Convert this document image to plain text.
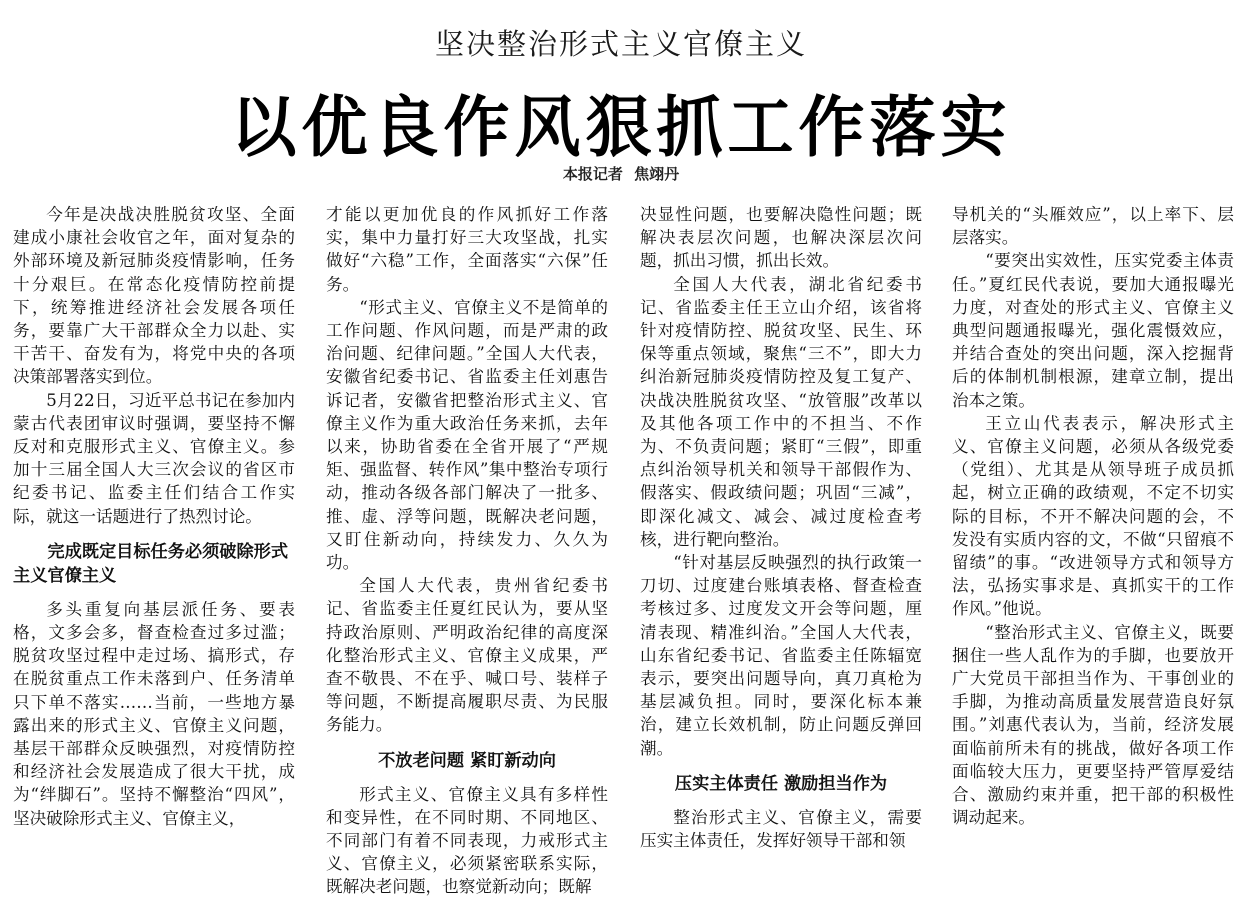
坚决整治形式主义官僚主义
以优良作风狠抓工作落实
本报记者 焦翊丹

今年是决战决胜脱贫攻坚、全面建成小康社会收官之年，面对复杂的外部环境及新冠肺炎疫情影响，任务十分艰巨。在常态化疫情防控前提下，统筹推进经济社会发展各项任务，要靠广大干部群众全力以赴、实干苦干、奋发有为，将党中央的各项决策部署落实到位。

5月22日，习近平总书记在参加内蒙古代表团审议时强调，要坚持不懈反对和克服形式主义、官僚主义。参加十三届全国人大三次会议的省区市纪委书记、监委主任们结合工作实际，就这一话题进行了热烈讨论。

完成既定目标任务必须破除形式主义官僚主义

多头重复向基层派任务、要表格，文多会多，督查检查过多过滥；脱贫攻坚过程中走过场、搞形式，存在脱贫重点工作未落到户、任务清单只下单不落实……当前，一些地方暴露出来的形式主义、官僚主义问题，基层干部群众反映强烈，对疫情防控和经济社会发展造成了很大干扰，成为“绊脚石”。坚持不懈整治“四风”，坚决破除形式主义、官僚主义，

才能以更加优良的作风抓好工作落实，集中力量打好三大攻坚战，扎实做好“六稳”工作，全面落实“六保”任务。

“形式主义、官僚主义不是简单的工作问题、作风问题，而是严肃的政治问题、纪律问题。”全国人大代表，安徽省纪委书记、省监委主任刘惠告诉记者，安徽省把整治形式主义、官僚主义作为重大政治任务来抓，去年以来，协助省委在全省开展了“严规矩、强监督、转作风”集中整治专项行动，推动各级各部门解决了一批多、推、虚、浮等问题，既解决老问题，又盯住新动向，持续发力、久久为功。

全国人大代表，贵州省纪委书记、省监委主任夏红民认为，要从坚持政治原则、严明政治纪律的高度深化整治形式主义、官僚主义成果，严查不敬畏、不在乎、喊口号、装样子等问题，不断提高履职尽责、为民服务能力。

不放老问题 紧盯新动向

形式主义、官僚主义具有多样性和变异性，在不同时期、不同地区、不同部门有着不同表现，力戒形式主义、官僚主义，必须紧密联系实际，既解决老问题，也察觉新动向；既解

决显性问题，也要解决隐性问题；既解决表层次问题，也解决深层次问题，抓出习惯，抓出长效。

全国人大代表，湖北省纪委书记、省监委主任王立山介绍，该省将针对疫情防控、脱贫攻坚、民生、环保等重点领域，聚焦“三不”，即大力纠治新冠肺炎疫情防控及复工复产、决战决胜脱贫攻坚、“放管服”改革以及其他各项工作中的不担当、不作为、不负责问题；紧盯“三假”，即重点纠治领导机关和领导干部假作为、假落实、假政绩问题；巩固“三减”，即深化减文、减会、减过度检查考核，进行靶向整治。

“针对基层反映强烈的执行政策一刀切、过度建台账填表格、督查检查考核过多、过度发文开会等问题，厘清表现、精准纠治。”全国人大代表，山东省纪委书记、省监委主任陈辐宽表示，要突出问题导向，真刀真枪为基层减负担。同时，要深化标本兼治，建立长效机制，防止问题反弹回潮。

压实主体责任 激励担当作为

整治形式主义、官僚主义，需要压实主体责任，发挥好领导干部和领

导机关的“头雁效应”，以上率下、层层落实。

“要突出实效性，压实党委主体责任。”夏红民代表说，要加大通报曝光力度，对查处的形式主义、官僚主义典型问题通报曝光，强化震慑效应，并结合查处的突出问题，深入挖掘背后的体制机制根源，建章立制，提出治本之策。

王立山代表表示，解决形式主义、官僚主义问题，必须从各级党委（党组）、尤其是从领导班子成员抓起，树立正确的政绩观，不定不切实际的目标，不开不解决问题的会，不发没有实质内容的文，不做“只留痕不留绩”的事。“改进领导方式和领导方法，弘扬实事求是、真抓实干的工作作风。”他说。

“整治形式主义、官僚主义，既要捆住一些人乱作为的手脚，也要放开广大党员干部担当作为、干事创业的手脚，为推动高质量发展营造良好氛围。”刘惠代表认为，当前，经济发展面临前所未有的挑战，做好各项工作面临较大压力，更要坚持严管厚爱结合、激励约束并重，把干部的积极性调动起来。
